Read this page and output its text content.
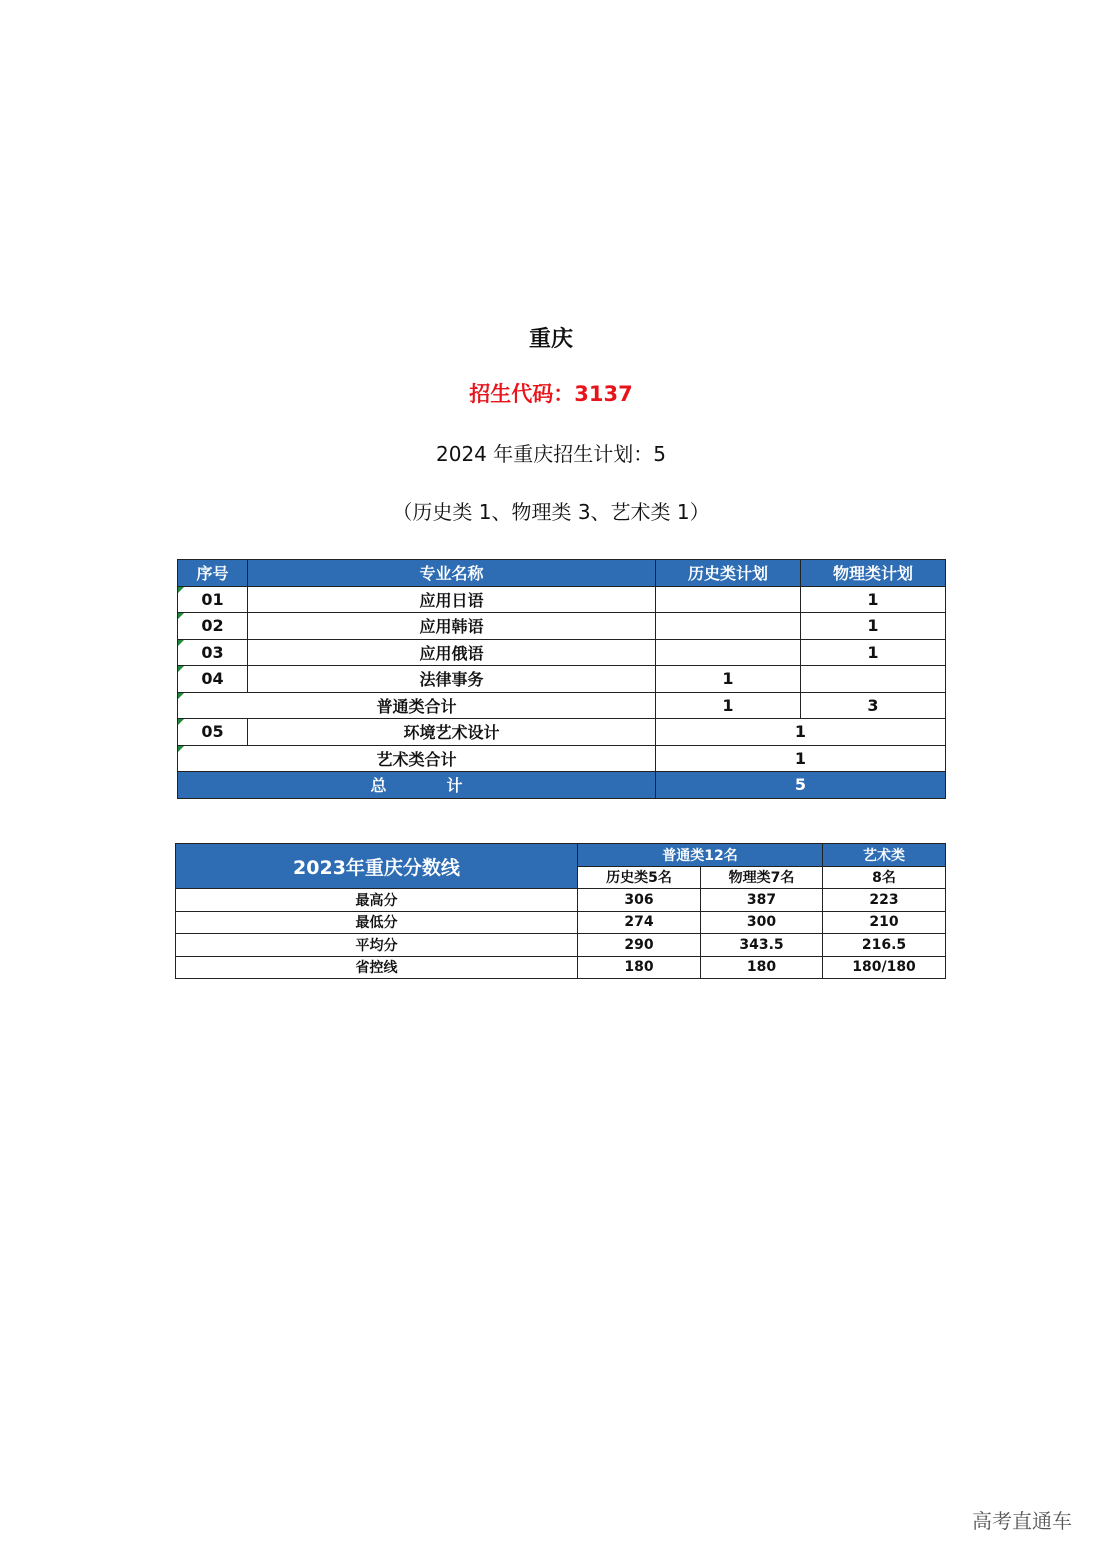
重庆
招生代码：3137
2024 年重庆招生计划：5
（历史类 1、物理类 3、艺术类 1）
序号	专业名称	历史类计划	物理类计划
01	应用日语		1
02	应用韩语		1
03	应用俄语		1
04	法律事务	1	
普通类合计		1	3
05	环境艺术设计	1	
艺术类合计		1	
总 计		5	
2023年重庆分数线	普通类12名		艺术类
	历史类5名	物理类7名	8名
最高分	306	387	223
最低分	274	300	210
平均分	290	343.5	216.5
省控线	180	180	180/180
高考直通车
